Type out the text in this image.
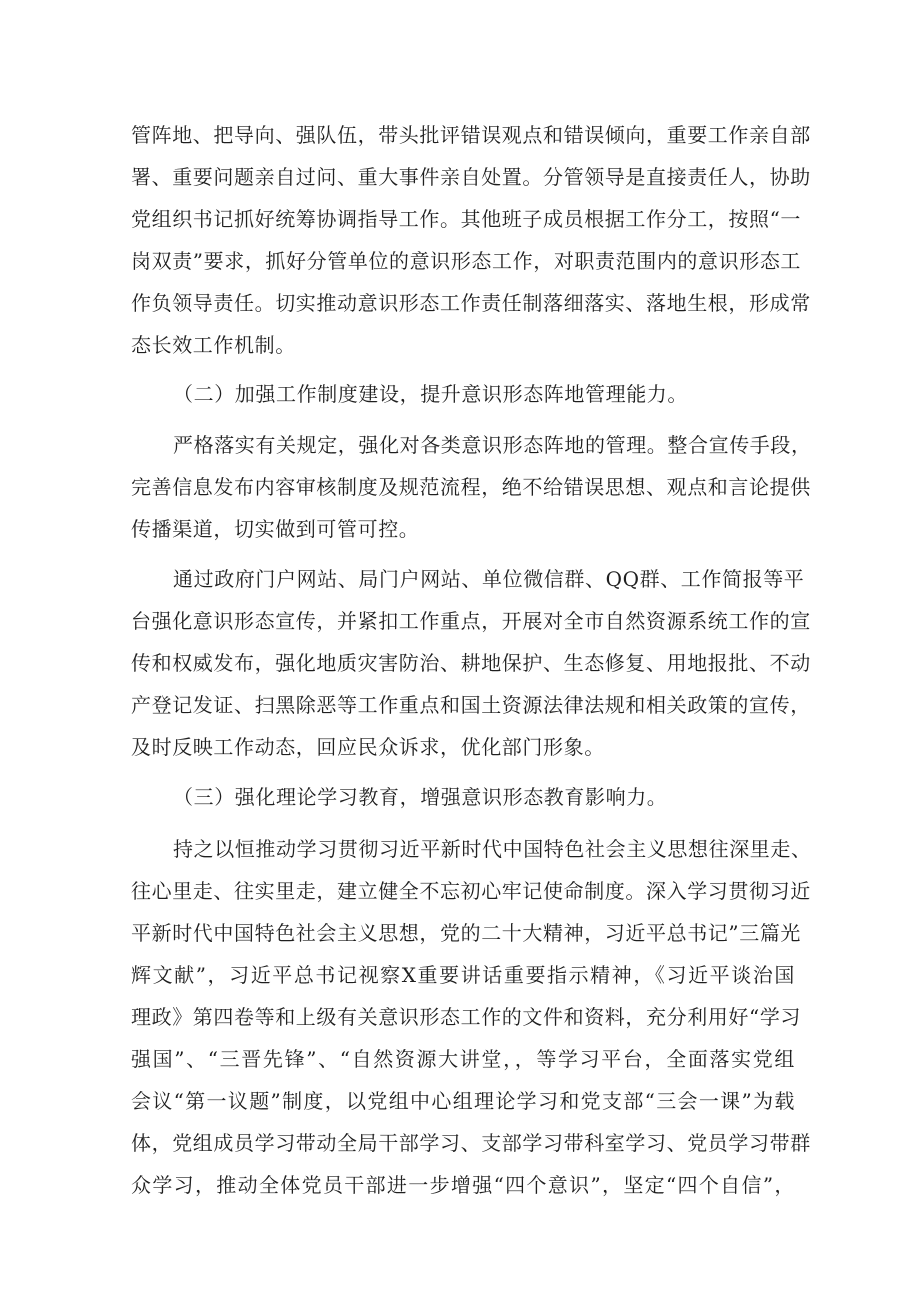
管阵地、把导向、强队伍，带头批评错误观点和错误倾向，重要工作亲自部
署、重要问题亲自过问、重大事件亲自处置。分管领导是直接责任人，协助
党组织书记抓好统筹协调指导工作。其他班子成员根据工作分工，按照“一
岗双责”要求，抓好分管单位的意识形态工作，对职责范围内的意识形态工
作负领导责任。切实推动意识形态工作责任制落细落实、落地生根，形成常
态长效工作机制。
（二）加强工作制度建设，提升意识形态阵地管理能力。
严格落实有关规定，强化对各类意识形态阵地的管理。整合宣传手段，
完善信息发布内容审核制度及规范流程，绝不给错误思想、观点和言论提供
传播渠道，切实做到可管可控。
通过政府门户网站、局门户网站、单位微信群、QQ群、工作简报等平
台强化意识形态宣传，并紧扣工作重点，开展对全市自然资源系统工作的宣
传和权威发布，强化地质灾害防治、耕地保护、生态修复、用地报批、不动
产登记发证、扫黑除恶等工作重点和国土资源法律法规和相关政策的宣传，
及时反映工作动态，回应民众诉求，优化部门形象。
（三）强化理论学习教育，增强意识形态教育影响力。
持之以恒推动学习贯彻习近平新时代中国特色社会主义思想往深里走、
往心里走、往实里走，建立健全不忘初心牢记使命制度。深入学习贯彻习近
平新时代中国特色社会主义思想，党的二十大精神，习近平总书记”三篇光
辉文献”，习近平总书记视察X重要讲话重要指示精神，《习近平谈治国
理政》第四卷等和上级有关意识形态工作的文件和资料，充分利用好“学习
强国”、“三晋先锋”、“自然资源大讲堂，，等学习平台，全面落实党组
会议“第一议题”制度，以党组中心组理论学习和党支部“三会一课”为载
体，党组成员学习带动全局干部学习、支部学习带科室学习、党员学习带群
众学习，推动全体党员干部进一步增强“四个意识”，坚定“四个自信”，
